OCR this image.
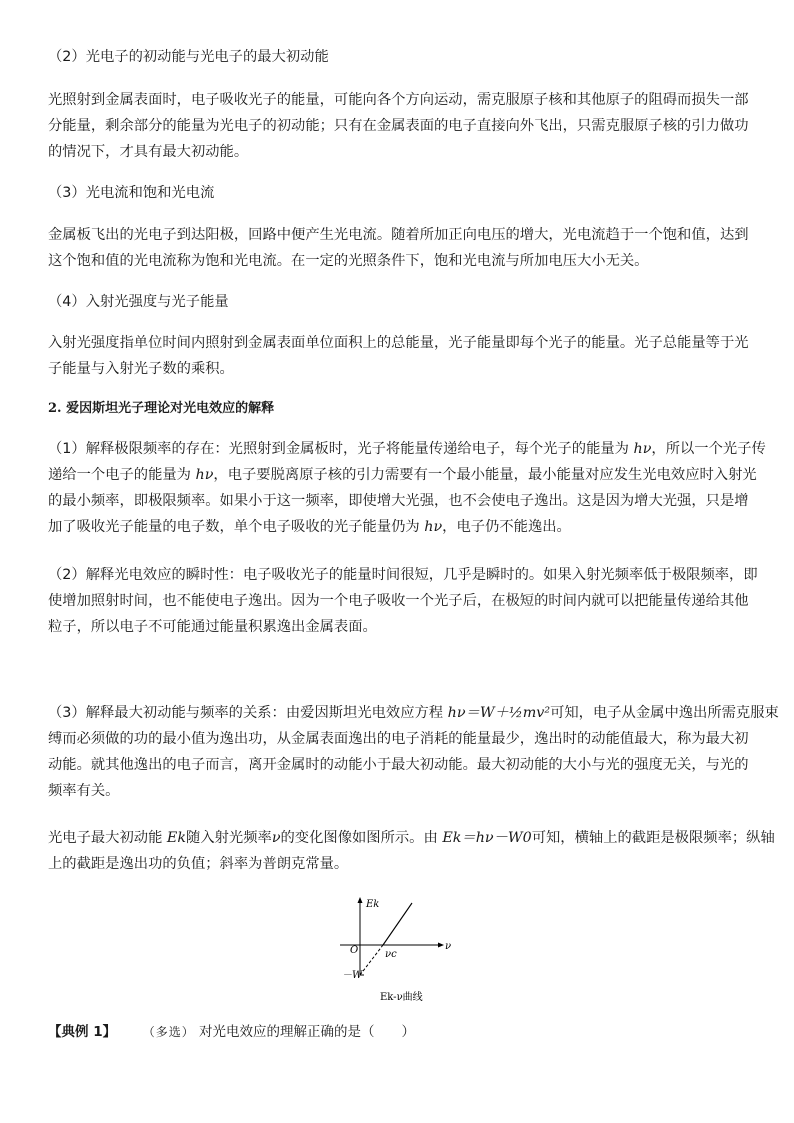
（2）光电子的初动能与光电子的最大初动能

光照射到金属表面时，电子吸收光子的能量，可能向各个方向运动，需克服原子核和其他原子的阻碍而损失一部
分能量，剩余部分的能量为光电子的初动能；只有在金属表面的电子直接向外飞出，只需克服原子核的引力做功
的情况下，才具有最大初动能。

（3）光电流和饱和光电流

金属板飞出的光电子到达阳极，回路中便产生光电流。随着所加正向电压的增大，光电流趋于一个饱和值，达到
这个饱和值的光电流称为饱和光电流。在一定的光照条件下，饱和光电流与所加电压大小无关。

（4）入射光强度与光子能量

入射光强度指单位时间内照射到金属表面单位面积上的总能量，光子能量即每个光子的能量。光子总能量等于光
子能量与入射光子数的乘积。

2. 爱因斯坦光子理论对光电效应的解释

（1）解释极限频率的存在：光照射到金属板时，光子将能量传递给电子，每个光子的能量为 hν，所以一个光子传
递给一个电子的能量为 hν，电子要脱离原子核的引力需要有一个最小能量，最小能量对应发生光电效应时入射光
的最小频率，即极限频率。如果小于这一频率，即使增大光强，也不会使电子逸出。这是因为增大光强，只是增
加了吸收光子能量的电子数，单个电子吸收的光子能量仍为 hν，电子仍不能逸出。
（2）解释光电效应的瞬时性：电子吸收光子的能量时间很短，几乎是瞬时的。如果入射光频率低于极限频率，即
使增加照射时间，也不能使电子逸出。因为一个电子吸收一个光子后，在极短的时间内就可以把能量传递给其他
粒子，所以电子不可能通过能量积累逸出金属表面。
（3）解释最大初动能与频率的关系：由爱因斯坦光电效应方程 hν＝W＋½mv²可知，电子从金属中逸出所需克服束
缚而必须做的功的最小值为逸出功，从金属表面逸出的电子消耗的能量最少，逸出时的动能值最大，称为最大初
动能。就其他逸出的电子而言，离开金属时的动能小于最大初动能。最大初动能的大小与光的强度无关，与光的
频率有关。
光电子最大初动能 Ek随入射光频率ν的变化图像如图所示。由 Ek＝hν－W0可知，横轴上的截距是极限频率；纵轴
上的截距是逸出功的负值；斜率为普朗克常量。
Ek
ν
O	νc
－W
Ek-ν曲线
【典例 1】 （多选） 对光电效应的理解正确的是（　　）
